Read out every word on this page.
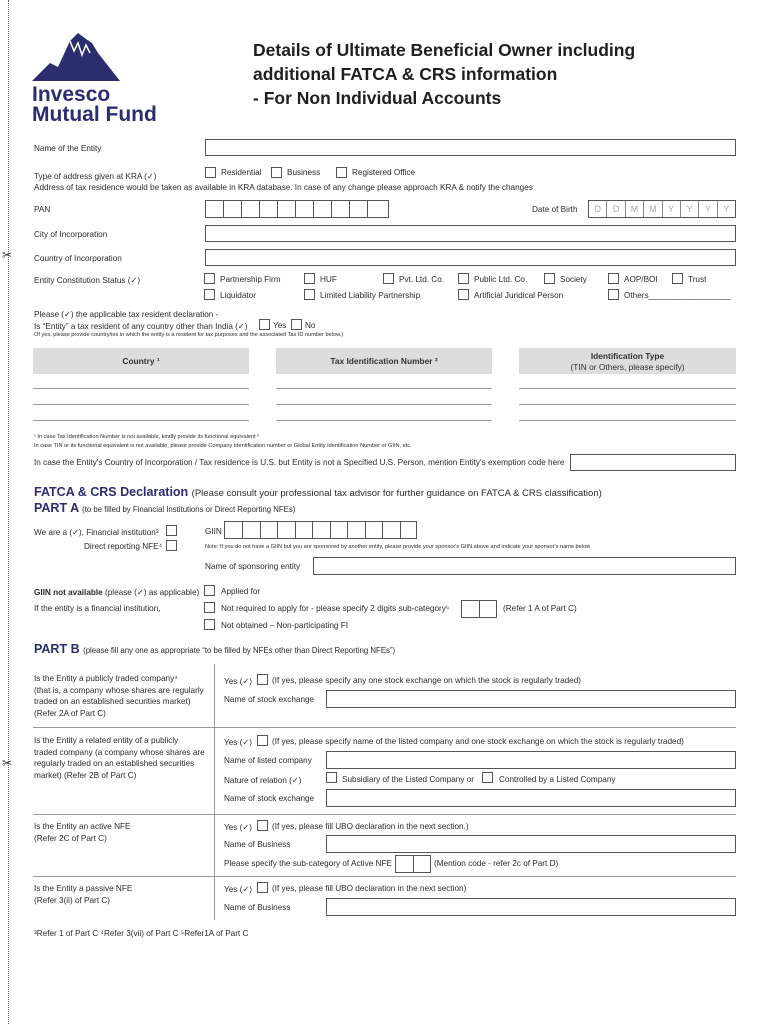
✂
✂
Invesco
Mutual Fund
Details of Ultimate Beneficial Owner including
additional FATCA & CRS information
- For Non Individual Accounts
Name of the Entity
Type of address given at KRA (✓)	Residential	Business	Registered Office
Address of tax residence would be taken as available in KRA database. In case of any change please approach KRA & notify the changes
PAN	Date of Birth	D	D	M	M	Y	Y	Y	Y
City of Incorporation
Country of Incorporation
Entity Constitution Status (✓)	Partnership Firm	HUF	Pvt. Ltd. Co.	Public Ltd. Co.	Society	AOP/BOI	Trust
Liquidator	Limited Liability Partnership	Artificial Juridical Person	Others__________________
Please (✓) the applicable tax resident declaration -
Is “Entity” a tax resident of any country other than India (✓)	Yes No
Of yes, please provide country/ies in which the entity is a resident for tax purposes and the associated Tax ID number below.)
Country ¹	Tax Identification Number ²	Identification Type
(TIN or Others, please specify)
¹ In case Tax Identification Number is not available, kindly provide its functional equivalent ²
In case TIN or its functional equivalent is not available, please provide Company Identification number or Global Entity Identification Number or GIIN, etc.
In case the Entity's Country of Incorporation / Tax residence is U.S. but Entity is not a Specified U.S. Person, mention Entity's exemption code here
FATCA & CRS Declaration (Please consult your professional tax advisor for further guidance on FATCA & CRS classification)
PART A (to be filled by Financial Institutions or Direct Reporting NFEs)
We are a (✓), Financial institution³
Direct reporting NFE⁴
GIIN
Note: If you do not have a GIIN but you are sponsored by another entity, please provide your sponsor's GIIN above and indicate your sponsor's name below
Name of sponsoring entity
GIIN not available (please (✓) as applicable)	Applied for
If the entity is a financial institution,	Not required to apply for - please specify 2 digits sub-category⁵	(Refer 1 A of Part C)
Not obtained – Non-participating FI
PART B (please fill any one as appropriate “to be filled by NFEs other than Direct Reporting NFEs”)
Is the Entity a publicly traded company⁴
(that is, a company whose shares are regularly
traded on an established securities market)
(Refer 2A of Part C)
Yes (✓) (If yes, please specify any one stock exchange on which the stock is regularly traded)
Name of stock exchange
Is the Entity a related entity of a publicly
traded company (a company whose shares are
regularly traded on an established securities
market) (Refer 2B of Part C)
Yes (✓) (If yes, please specify name of the listed company and one stock exchange on which the stock is regularly traded)
Name of listed company
Nature of relation (✓)	Subsidiary of the Listed Company or	Controlled by a Listed Company
Name of stock exchange
Is the Entity an active NFE
(Refer 2C of Part C)
Yes (✓) (If yes, please fill UBO declaration in the next section.)
Name of Business
Please specify the sub-category of Active NFE	(Mention code - refer 2c of Part D)
Is the Entity a passive NFE
(Refer 3(ii) of Part C)
Yes (✓) (If yes, please fill UBO declaration in the next section)
Name of Business
³Refer 1 of Part C ⁴Refer 3(vii) of Part C ⁵Refer1A of Part C
